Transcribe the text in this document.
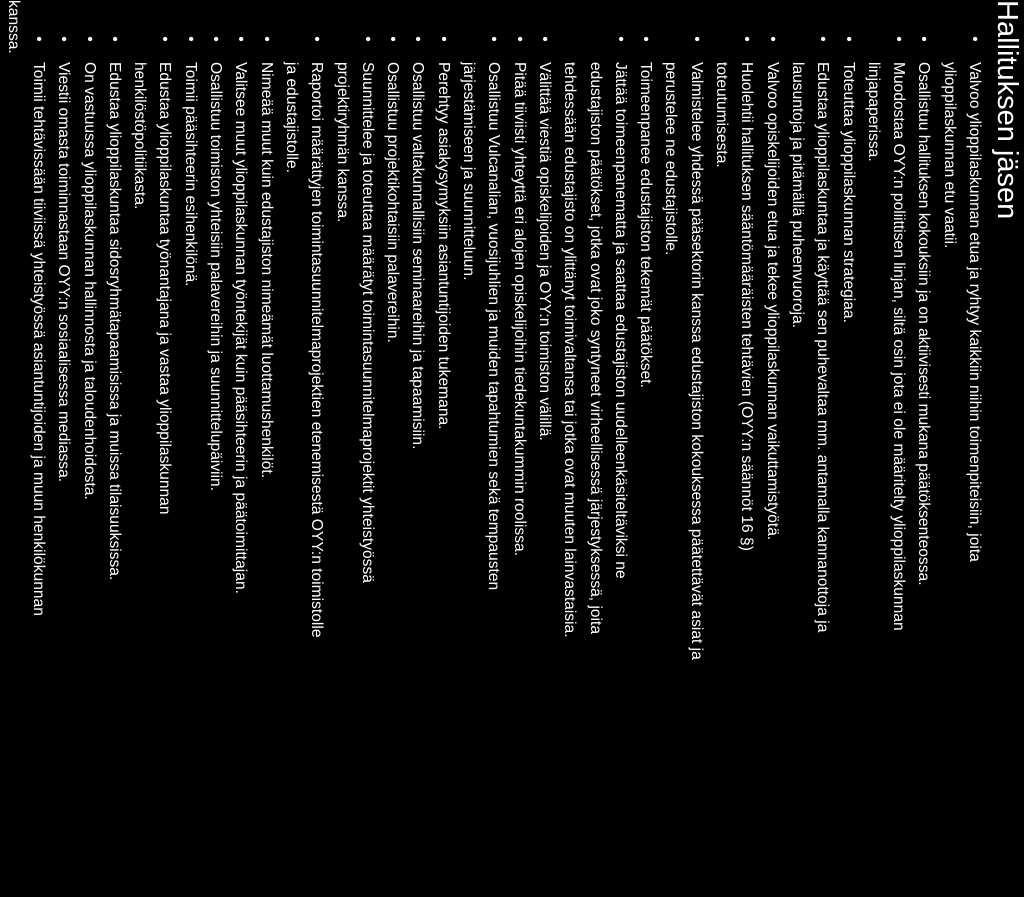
Hallituksen jäsen
•
Valvoo ylioppilaskunnan etua ja ryhtyy kaikkiin niihin toimenpiteisiin, joita
ylioppilaskunnan etu vaatii.
•
Osallistuu hallituksen kokouksiin ja on aktiivisesti mukana päätöksenteossa.
•
Muodostaa OYY:n poliittisen linjan, siltä osin jota ei ole määritelty ylioppilaskunnan
linjapaperissa.
•
Toteuttaa ylioppilaskunnan strategiaa.
•
Edustaa ylioppilaskuntaa ja käyttää sen puhevaltaa mm. antamalla kannanottoja ja
lausuntoja ja pitämällä puheenvuoroja.
•
Valvoo opiskelijoiden etua ja tekee ylioppilaskunnan vaikuttamistyötä.
•
Huolehtii hallituksen sääntömääräisten tehtävien (OYY:n säännöt 16 §)
toteutumisesta.
•
Valmistelee yhdessä pääsektorin kanssa edustajiston kokouksessa päätettävät asiat ja
perustelee ne edustajistolle.
•
Toimeenpanee edustajiston tekemät päätökset.
•
Jättää toimeenpanematta ja saattaa edustajiston uudelleenkäsiteltäviksi ne
edustajiston päätökset, jotka ovat joko syntyneet virheellisessä järjestyksessä, joita
tehdessään edustajisto on ylittänyt toimivaltansa tai jotka ovat muuten lainvastaisia.
•
Välittää viestiä opiskelijoiden ja OYY:n toimiston välillä.
•
Pitää tiiviisti yhteyttä eri alojen opiskelijoihin tiedekuntakummin roolissa.
•
Osallistuu Vulcanalian, vuosijuhlien ja muiden tapahtumien sekä tempausten
järjestämiseen ja suunnitteluun.
•
Perehtyy asiakysymyksiin asiantuntijoiden tukemana.
•
Osallistuu valtakunnallisiin seminaareihin ja tapaamisiin.
•
Osallistuu projektikohtaisiin palavereihin.
•
Suunnittelee ja toteuttaa määrätyt toimintasuunnitelmaprojektit yhteistyössä
projektiryhmän kanssa.
•
Raportoi määrättyjen toimintasuunnitelmaprojektien etenemisestä OYY:n toimistolle
ja edustajistolle.
•
Nimeää muut kuin edustajiston nimeämät luottamushenkilöt.
•
Valitsee muut ylioppilaskunnan työntekijät kuin pääsihteerin ja päätoimittajan.
•
Osallistuu toimiston yhteisiin palavereihin ja suunnittelupäiviin.
•
Toimii pääsihteerin esihenkilönä.
•
Edustaa ylioppilaskuntaa työnantajana ja vastaa ylioppilaskunnan
henkilöstöpolitiikasta.
•
Edustaa ylioppilaskuntaa sidosryhmätapaamisissa ja muissa tilaisuuksissa.
•
On vastuussa ylioppilaskunnan hallinnosta ja taloudenhoidosta.
•
Viestii omasta toiminnastaan OYY:n sosiaalisessa mediassa.
•
Toimii tehtävissään tiiviissä yhteistyössä asiantuntijoiden ja muun henkilökunnan
kanssa.
